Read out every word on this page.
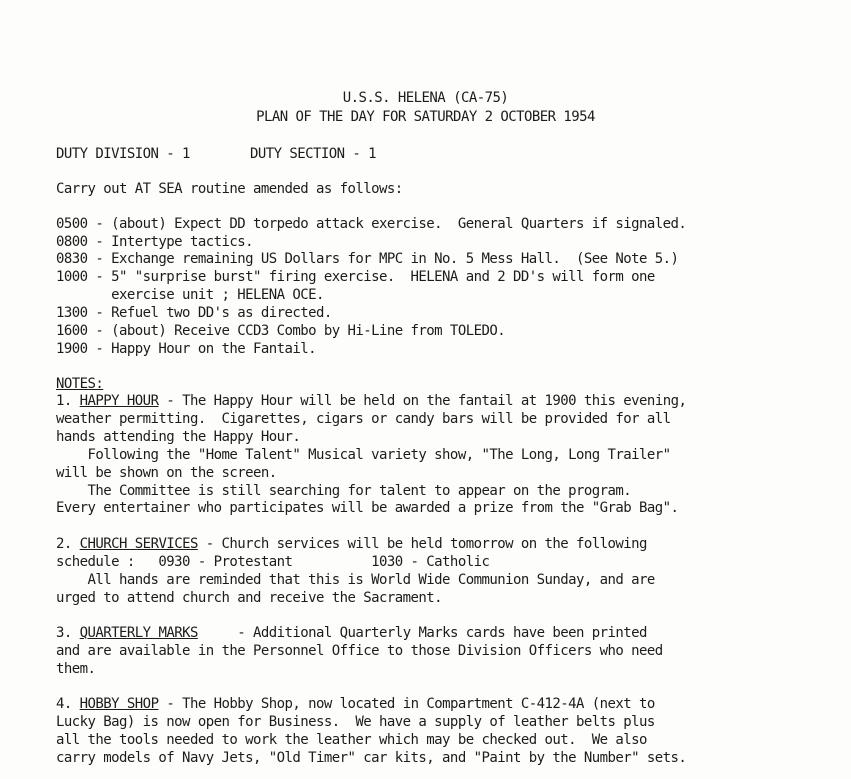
U.S.S. HELENA (CA-75)
PLAN OF THE DAY FOR SATURDAY 2 OCTOBER 1954
DUTY DIVISION - 1	DUTY SECTION - 1
Carry out AT SEA routine amended as follows:
0500 - (about) Expect DD torpedo attack exercise.  General Quarters if signaled.
0800 - Intertype tactics.
0830 - Exchange remaining US Dollars for MPC in No. 5 Mess Hall.  (See Note 5.)
1000 - 5" "surprise burst" firing exercise.  HELENA and 2 DD's will form one
exercise unit ; HELENA OCE.
1300 - Refuel two DD's as directed.
1600 - (about) Receive CCD3 Combo by Hi-Line from TOLEDO.
1900 - Happy Hour on the Fantail.
NOTES:
1. HAPPY HOUR - The Happy Hour will be held on the fantail at 1900 this evening,
weather permitting.  Cigarettes, cigars or candy bars will be provided for all
hands attending the Happy Hour.
Following the "Home Talent" Musical variety show, "The Long, Long Trailer"
will be shown on the screen.
The Committee is still searching for talent to appear on the program.
Every entertainer who participates will be awarded a prize from the "Grab Bag".
2. CHURCH SERVICES - Church services will be held tomorrow on the following
schedule :   0930 - Protestant          1030 - Catholic
All hands are reminded that this is World Wide Communion Sunday, and are
urged to attend church and receive the Sacrament.
3. QUARTERLY MARKS     - Additional Quarterly Marks cards have been printed
and are available in the Personnel Office to those Division Officers who need
them.
4. HOBBY SHOP - The Hobby Shop, now located in Compartment C-412-4A (next to
Lucky Bag) is now open for Business.  We have a supply of leather belts plus
all the tools needed to work the leather which may be checked out.  We also
carry models of Navy Jets, "Old Timer" car kits, and "Paint by the Number" sets.
